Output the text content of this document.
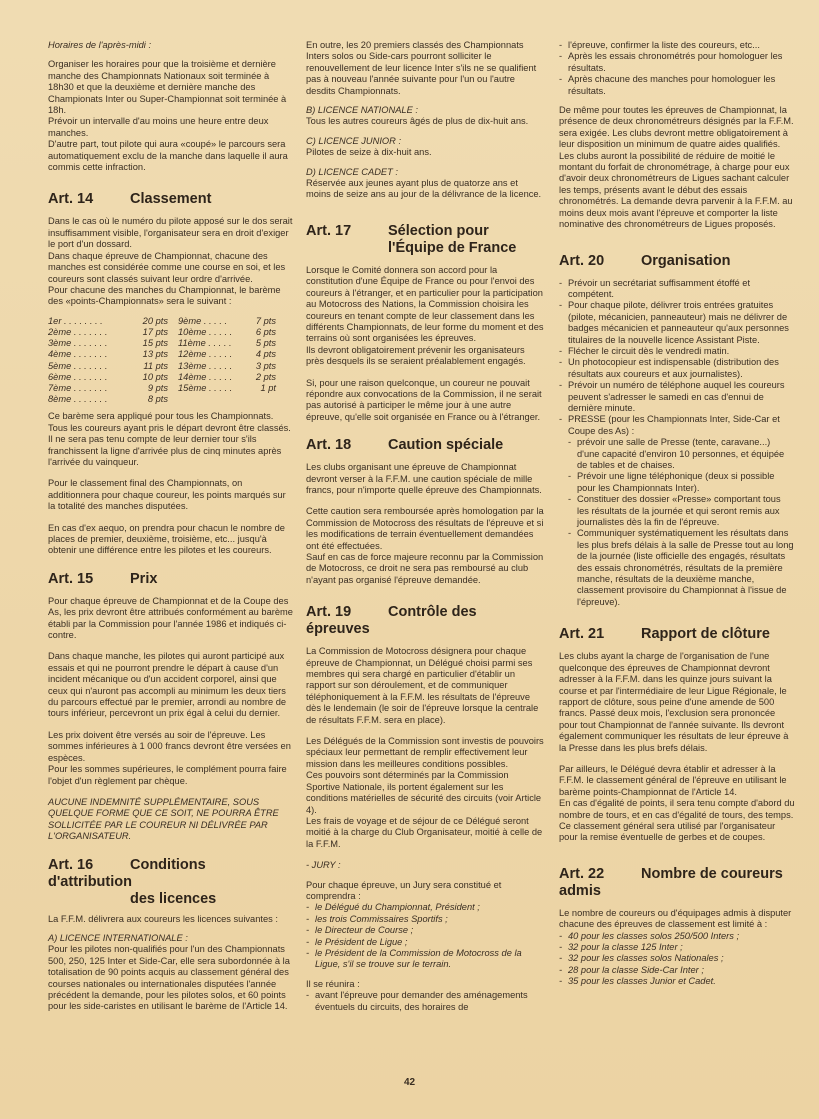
Horaires de l'après-midi :

Organiser les horaires pour que la troisième et dernière manche des Championnats Nationaux soit terminée à 18h30 et que la deuxième et dernière manche des Championats Inter ou Super-Championnat soit terminée à 18h.

Prévoir un intervalle d'au moins une heure entre deux manches.

D'autre part, tout pilote qui aura «coupé» le parcours sera automatiquement exclu de la manche dans laquelle il aura commis cette infraction.

Art. 14	Classement

Dans le cas où le numéro du pilote apposé sur le dos serait insuffisamment visible, l'organisateur sera en droit d'exiger le port d'un dossard.

Dans chaque épreuve de Championnat, chacune des manches est considérée comme une course en soi, et les coureurs sont classés suivant leur ordre d'arrivée.

Pour chacune des manches du Championnat, le barème des «points-Championnats» sera le suivant :

1er . . . . . . . .	20 pts	9ème . . . . .	7 pts
2ème . . . . . . .	17 pts	10ème . . . . .	6 pts
3ème . . . . . . .	15 pts	11ème . . . . .	5 pts
4ème . . . . . . .	13 pts	12ème . . . . .	4 pts
5ème . . . . . . .	11 pts	13ème . . . . .	3 pts
6ème . . . . . . .	10 pts	14ème . . . . .	2 pts
7ème . . . . . . .	9 pts	15ème . . . . .	1 pt
8ème . . . . . . .	8 pts		

Ce barème sera appliqué pour tous les Championnats. Tous les coureurs ayant pris le départ devront être classés. Il ne sera pas tenu compte de leur dernier tour s'ils franchissent la ligne d'arrivée plus de cinq minutes après l'arrivée du vainqueur.

Pour le classement final des Championnats, on additionnera pour chaque coureur, les points marqués sur la totalité des manches disputées.

En cas d'ex aequo, on prendra pour chacun le nombre de places de premier, deuxième, troisième, etc... jusqu'à obtenir une différence entre les pilotes et les coureurs.

Art. 15	Prix

Pour chaque épreuve de Championnat et de la Coupe des As, les prix devront être attribués conformément au barème établi par la Commission pour l'année 1986 et indiqués ci-contre.

Dans chaque manche, les pilotes qui auront participé aux essais et qui ne pourront prendre le départ à cause d'un incident mécanique ou d'un accident corporel, ainsi que ceux qui n'auront pas accompli au minimum les deux tiers du parcours effectué par le premier, arrondi au nombre de tours inférieur, percevront un prix égal à celui du dernier.

Les prix doivent être versés au soir de l'épreuve. Les sommes inférieures à 1 000 francs devront être versées en espèces.

Pour les sommes supérieures, le complément pourra faire l'objet d'un règlement par chèque.

AUCUNE INDEMNITÉ SUPPLÉMENTAIRE, SOUS QUELQUE FORME QUE CE SOIT, NE POURRA ÊTRE SOLLICITÉE PAR LE COUREUR NI DÉLIVRÉE PAR L'ORGANISATEUR.
Art. 16	Conditions d'attribution
des licences

La F.F.M. délivrera aux coureurs les licences suivantes :

A) LICENCE INTERNATIONALE :

Pour les pilotes non-qualifiés pour l'un des Championnats 500, 250, 125 Inter et Side-Car, elle sera subordonnée à la totalisation de 90 points acquis au classement général des courses nationales ou internationales disputées l'année précédent la demande, pour les pilotes solos, et 60 points pour les side-caristes en utilisant le barème de l'Article 14.

En outre, les 20 premiers classés des Championnats Inters solos ou Side-cars pourront solliciter le renouvellement de leur licence Inter s'ils ne se qualifient pas à nouveau l'année suivante pour l'un ou l'autre desdits Championnats.

B) LICENCE NATIONALE :

Tous les autres coureurs âgés de plus de dix-huit ans.

C) LICENCE JUNIOR :

Pilotes de seize à dix-huit ans.

D) LICENCE CADET :

Réservée aux jeunes ayant plus de quatorze ans et moins de seize ans au jour de la délivrance de la licence.

Art. 17	Sélection pour
l'Équipe de France

Lorsque le Comité donnera son accord pour la constitution d'une Équipe de France ou pour l'envoi des coureurs à l'étranger, et en particulier pour la participation au Motocross des Nations, la Commission choisira les coureurs en tenant compte de leur classement dans les différents Championnats, de leur forme du moment et des terrains où sont organisées les épreuves.

Ils devront obligatoirement prévenir les organisateurs près desquels ils se seraient préalablement engagés.

Si, pour une raison quelconque, un coureur ne pouvait répondre aux convocations de la Commission, il ne serait pas autorisé à participer le même jour à une autre épreuve, qu'elle soit organisée en France ou à l'étranger.

Art. 18	Caution spéciale

Les clubs organisant une épreuve de Championnat devront verser à la F.F.M. une caution spéciale de mille francs, pour n'importe quelle épreuve des Championnats.

Cette caution sera remboursée après homologation par la Commission de Motocross des résultats de l'épreuve et si les modifications de terrain éventuellement demandées ont été effectuées.

Sauf en cas de force majeure reconnu par la Commission de Motocross, ce droit ne sera pas remboursé au club n'ayant pas organisé l'épreuve demandée.

Art. 19	Contrôle des épreuves

La Commission de Motocross désignera pour chaque épreuve de Championnat, un Délégué choisi parmi ses membres qui sera chargé en particulier d'établir un rapport sur son déroulement, et de communiquer téléphoniquement à la F.F.M. les résultats de l'épreuve dès le lendemain (le soir de l'épreuve lorsque la centrale de résultats F.F.M. sera en place).

Les Délégués de la Commission sont investis de pouvoirs spéciaux leur permettant de remplir effectivement leur mission dans les meilleures conditions possibles.

Ces pouvoirs sont déterminés par la Commission Sportive Nationale, ils portent également sur les conditions matérielles de sécurité des circuits (voir Article 4).

Les frais de voyage et de séjour de ce Délégué seront moitié à la charge du Club Organisateur, moitié à celle de la F.F.M.

- JURY :

Pour chaque épreuve, un Jury sera constitué et comprendra :

- le Délégué du Championnat, Président ;
- les trois Commissaires Sportifs ;
- le Directeur de Course ;
- le Président de Ligue ;
- le Président de la Commission de Motocross de la Ligue, s'il se trouve sur le terrain.

Il se réunira :

- avant l'épreuve pour demander des aménagements éventuels du circuits, des horaires de
- l'épreuve, confirmer la liste des coureurs, etc...
- Après les essais chronométrés pour homologuer les résultats.
- Après chacune des manches pour homologuer les résultats.

De même pour toutes les épreuves de Championnat, la présence de deux chronométreurs désignés par la F.F.M. sera exigée. Les clubs devront mettre obligatoirement à leur disposition un minimum de quatre aides qualifiés.

Les clubs auront la possibilité de réduire de moitié le montant du forfait de chronométrage, à charge pour eux d'avoir deux chronométreurs de Ligues sachant calculer les temps, présents avant le début des essais chronométrés. La demande devra parvenir à la F.F.M. au moins deux mois avant l'épreuve et comporter la liste nominative des chronométreurs de Ligues proposés.

Art. 20	Organisation
- Prévoir un secrétariat suffisamment étoffé et compétent.
- Pour chaque pilote, délivrer trois entrées gratuites (pilote, mécanicien, panneauteur) mais ne délivrer de badges mécanicien et panneauteur qu'aux personnes titulaires de la nouvelle licence Assistant Piste.
- Flécher le circuit dès le vendredi matin.
- Un photocopieur est indispensable (distribution des résultats aux coureurs et aux journalistes).
- Prévoir un numéro de téléphone auquel les coureurs peuvent s'adresser le samedi en cas d'ennui de dernière minute.
- PRESSE (pour les Championnats Inter, Side-Car et Coupe des As) :
- prévoir une salle de Presse (tente, caravane...) d'une capacité d'environ 10 personnes, et équipée de tables et de chaises.
- Prévoir une ligne téléphonique (deux si possible pour les Championnats Inter).
- Constituer des dossier «Presse» comportant tous les résultats de la journée et qui seront remis aux journalistes dès la fin de l'épreuve.
- Communiquer systématiquement les résultats dans les plus brefs délais à la salle de Presse tout au long de la journée (liste officielle des engagés, résultats des essais chronométrés, résultats de la première manche, résultats de la deuxième manche, classement provisoire du Championnat à l'issue de l'épreuve).
Art. 21	Rapport de clôture

Les clubs ayant la charge de l'organisation de l'une quelconque des épreuves de Championnat devront adresser à la F.F.M. dans les quinze jours suivant la course et par l'intermédiaire de leur Ligue Régionale, le rapport de clôture, sous peine d'une amende de 500 francs. Passé deux mois, l'exclusion sera prononcée pour tout Championnat de l'année suivante. Ils devront également communiquer les résultats de leur épreuve à la Presse dans les plus brefs délais.

Par ailleurs, le Délégué devra établir et adresser à la F.F.M. le classement général de l'épreuve en utilisant le barème points-Championnat de l'Article 14.

En cas d'égalité de points, il sera tenu compte d'abord du nombre de tours, et en cas d'égalité de tours, des temps.

Ce classement général sera utilisé par l'organisateur pour la remise éventuelle de gerbes et de coupes.

Art. 22	Nombre de coureurs admis

Le nombre de coureurs ou d'équipages admis à disputer chacune des épreuves de classement est limité à :

- 40 pour les classes solos 250/500 Inters ;
- 32 pour la classe 125 Inter ;
- 32 pour les classes solos Nationales ;
- 28 pour la classe Side-Car Inter ;
- 35 pour les classes Junior et Cadet.
42
